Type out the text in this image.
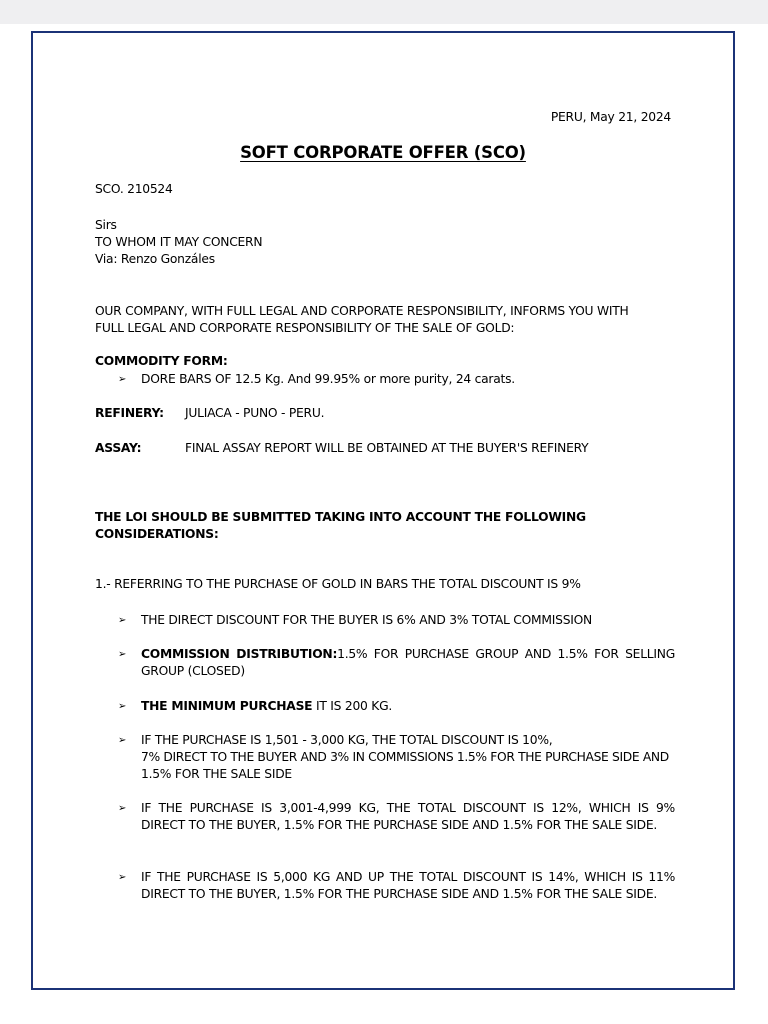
PERU, May 21, 2024
SOFT CORPORATE OFFER (SCO)
SCO. 210524
Sirs
TO WHOM IT MAY CONCERN
Via: Renzo Gonzáles
OUR COMPANY, WITH FULL LEGAL AND CORPORATE RESPONSIBILITY, INFORMS YOU WITH
FULL LEGAL AND CORPORATE RESPONSIBILITY OF THE SALE OF GOLD:
COMMODITY FORM:
➢ DORE BARS OF 12.5 Kg. And 99.95% or more purity, 24 carats.
REFINERY: JULIACA - PUNO - PERU.
ASSAY:	FINAL ASSAY REPORT WILL BE OBTAINED AT THE BUYER'S REFINERY
THE LOI SHOULD BE SUBMITTED TAKING INTO ACCOUNT THE FOLLOWING
CONSIDERATIONS:
1.- REFERRING TO THE PURCHASE OF GOLD IN BARS THE TOTAL DISCOUNT IS 9%
➢ THE DIRECT DISCOUNT FOR THE BUYER IS 6% AND 3% TOTAL COMMISSION
➢ COMMISSION DISTRIBUTION:1.5% FOR PURCHASE GROUP AND 1.5% FOR SELLING GROUP (CLOSED)
➢ THE MINIMUM PURCHASE IT IS 200 KG.
➢ IF THE PURCHASE IS 1,501 - 3,000 KG, THE TOTAL DISCOUNT IS 10%,
7% DIRECT TO THE BUYER AND 3% IN COMMISSIONS 1.5% FOR THE PURCHASE SIDE AND
1.5% FOR THE SALE SIDE
➢ IF THE PURCHASE IS 3,001-4,999 KG, THE TOTAL DISCOUNT IS 12%, WHICH IS 9% DIRECT TO THE BUYER, 1.5% FOR THE PURCHASE SIDE AND 1.5% FOR THE SALE SIDE.
➢ IF THE PURCHASE IS 5,000 KG AND UP THE TOTAL DISCOUNT IS 14%, WHICH IS 11% DIRECT TO THE BUYER, 1.5% FOR THE PURCHASE SIDE AND 1.5% FOR THE SALE SIDE.
